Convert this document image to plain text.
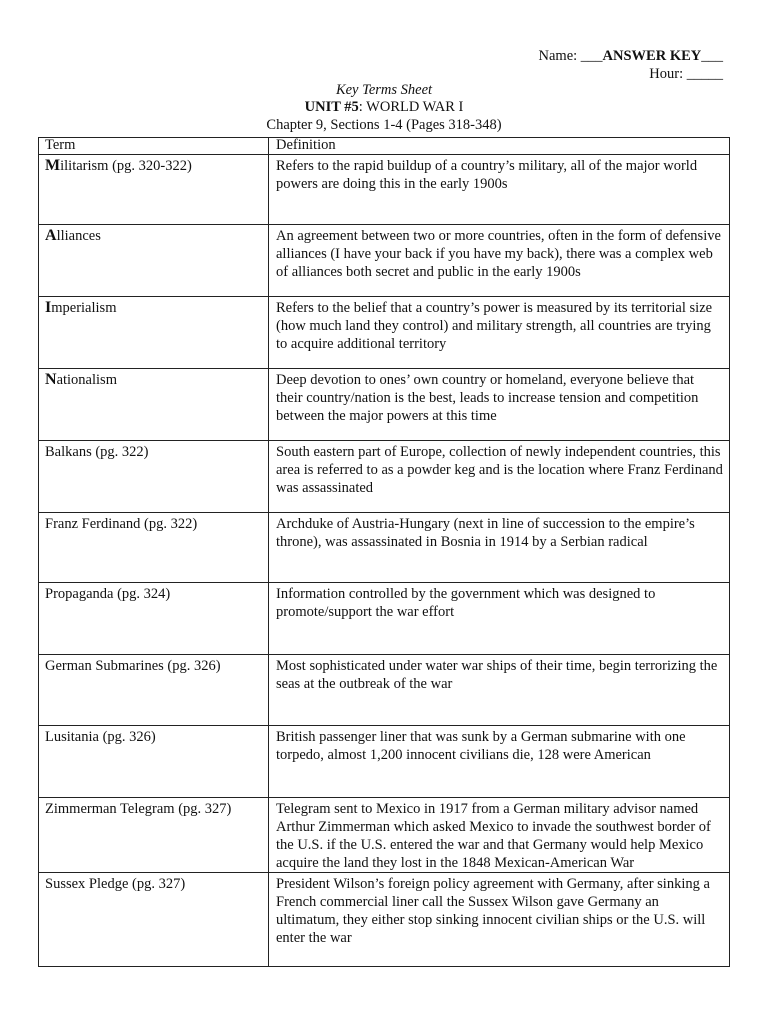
Name: ___ANSWER KEY___
Hour: _____
Key Terms Sheet
UNIT #5: WORLD WAR I
Chapter 9, Sections 1-4 (Pages 318-348)
Term	Definition
Militarism (pg. 320-322)	Refers to the rapid buildup of a country’s military, all of the major world powers are doing this in the early 1900s
Alliances	An agreement between two or more countries, often in the form of defensive alliances (I have your back if you have my back), there was a complex web of alliances both secret and public in the early 1900s
Imperialism	Refers to the belief that a country’s power is measured by its territorial size (how much land they control) and military strength, all countries are trying to acquire additional territory
Nationalism	Deep devotion to ones’ own country or homeland, everyone believe that their country/nation is the best, leads to increase tension and competition between the major powers at this time
Balkans (pg. 322)	South eastern part of Europe, collection of newly independent countries, this area is referred to as a powder keg and is the location where Franz Ferdinand was assassinated
Franz Ferdinand (pg. 322)	Archduke of Austria-Hungary (next in line of succession to the empire’s throne), was assassinated in Bosnia in 1914 by a Serbian radical
Propaganda (pg. 324)	Information controlled by the government which was designed to promote/support the war effort
German Submarines (pg. 326)	Most sophisticated under water war ships of their time, begin terrorizing the seas at the outbreak of the war
Lusitania (pg. 326)	British passenger liner that was sunk by a German submarine with one torpedo, almost 1,200 innocent civilians die, 128 were American
Zimmerman Telegram (pg. 327)	Telegram sent to Mexico in 1917 from a German military advisor named Arthur Zimmerman which asked Mexico to invade the southwest border of the U.S. if the U.S. entered the war and that Germany would help Mexico acquire the land they lost in the 1848 Mexican-American War
Sussex Pledge (pg. 327)	President Wilson’s foreign policy agreement with Germany, after sinking a French commercial liner call the Sussex Wilson gave Germany an ultimatum, they either stop sinking innocent civilian ships or the U.S. will enter the war
